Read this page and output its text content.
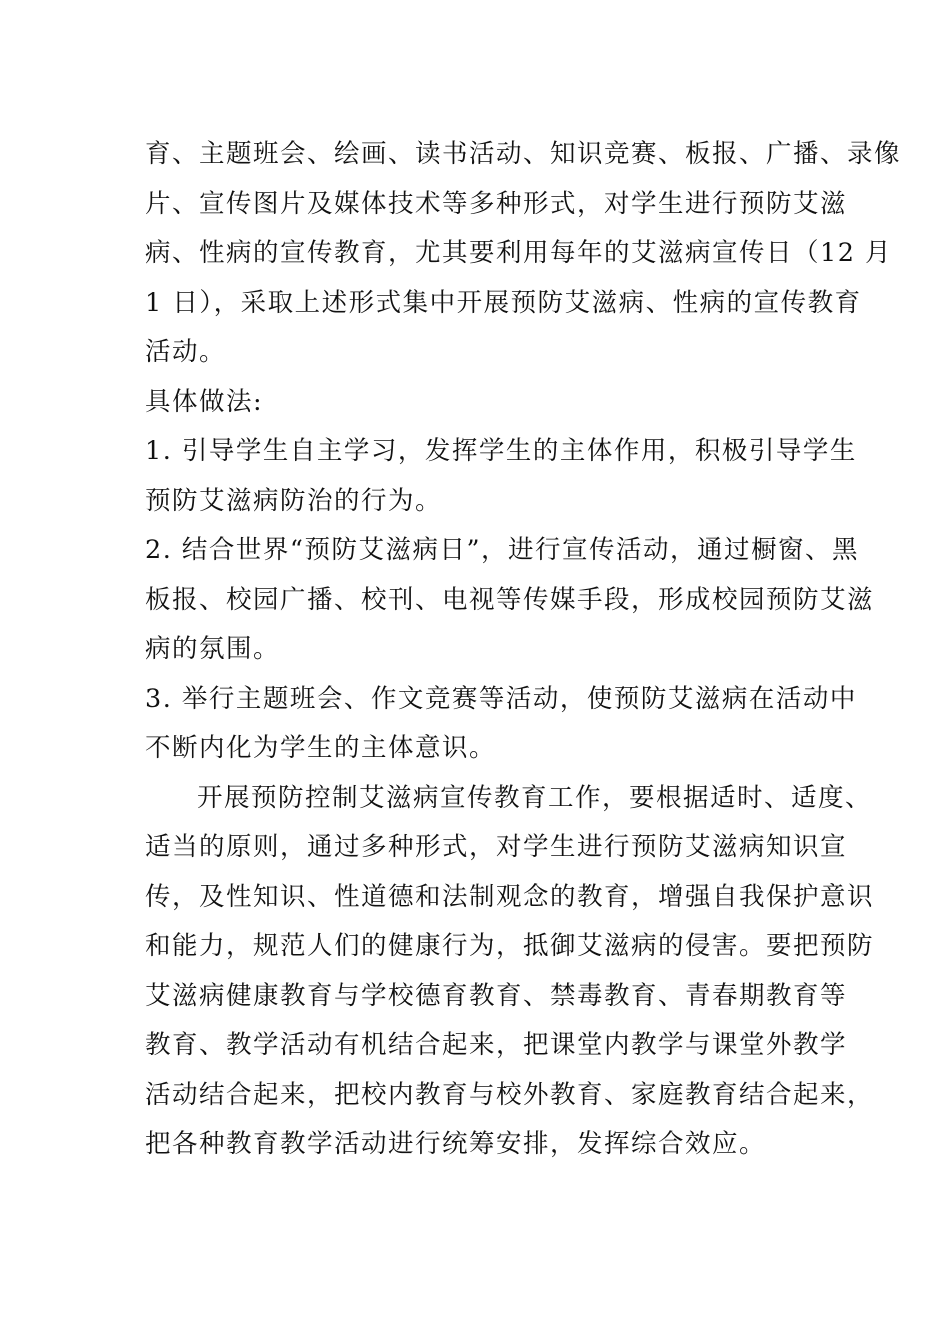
育、主题班会、绘画、读书活动、知识竞赛、板报、广播、录像
片、宣传图片及媒体技术等多种形式，对学生进行预防艾滋
病、性病的宣传教育，尤其要利用每年的艾滋病宣传日（12 月
1 日），采取上述形式集中开展预防艾滋病、性病的宣传教育
活动。
具体做法:
1. 引导学生自主学习，发挥学生的主体作用，积极引导学生
预防艾滋病防治的行为。
2. 结合世界“预防艾滋病日”，进行宣传活动，通过橱窗、黑
板报、校园广播、校刊、电视等传媒手段，形成校园预防艾滋
病的氛围。
3. 举行主题班会、作文竞赛等活动，使预防艾滋病在活动中
不断内化为学生的主体意识。
开展预防控制艾滋病宣传教育工作，要根据适时、适度、
适当的原则，通过多种形式，对学生进行预防艾滋病知识宣
传，及性知识、性道德和法制观念的教育，增强自我保护意识
和能力，规范人们的健康行为，抵御艾滋病的侵害。要把预防
艾滋病健康教育与学校德育教育、禁毒教育、青春期教育等
教育、教学活动有机结合起来，把课堂内教学与课堂外教学
活动结合起来，把校内教育与校外教育、家庭教育结合起来，
把各种教育教学活动进行统筹安排，发挥综合效应。
